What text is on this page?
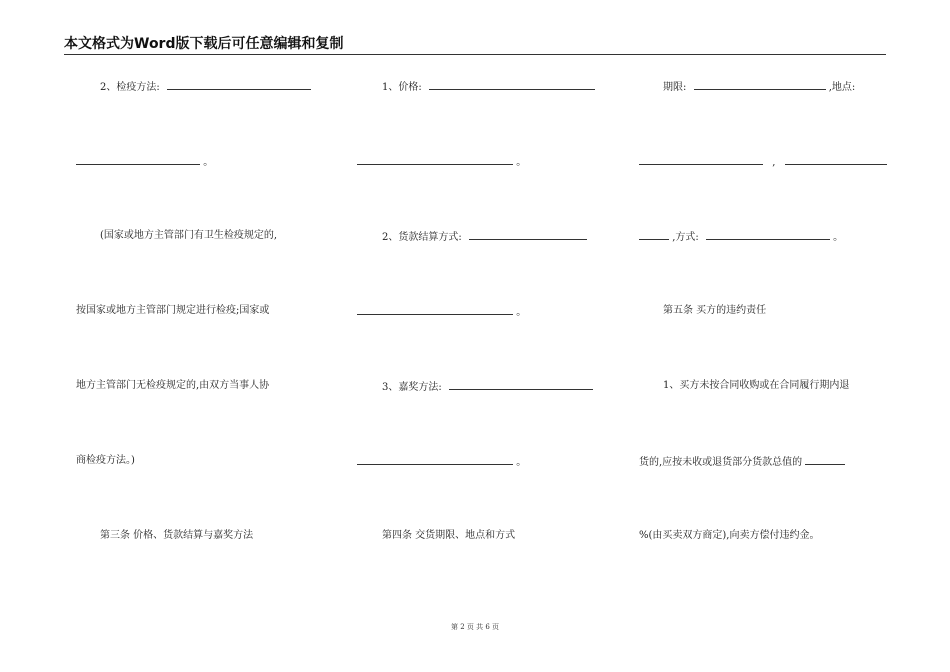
本文格式为Word版下载后可任意编辑和复制
2、检疫方法:
。
(国家或地方主管部门有卫生检疫规定的,
按国家或地方主管部门规定进行检疫;国家或
地方主管部门无检疫规定的,由双方当事人协
商检疫方法。)
第三条 价格、货款结算与嘉奖方法
1、价格:
。
2、货款结算方式:
。
3、嘉奖方法:
。
第四条 交货期限、地点和方式
期限:	,地点:
,
,方式:	。
第五条 买方的违约责任
1、买方未按合同收购或在合同履行期内退
货的,应按未收或退货部分货款总值的
%(由买卖双方商定),向卖方偿付违约金。
第 2 页 共 6 页
